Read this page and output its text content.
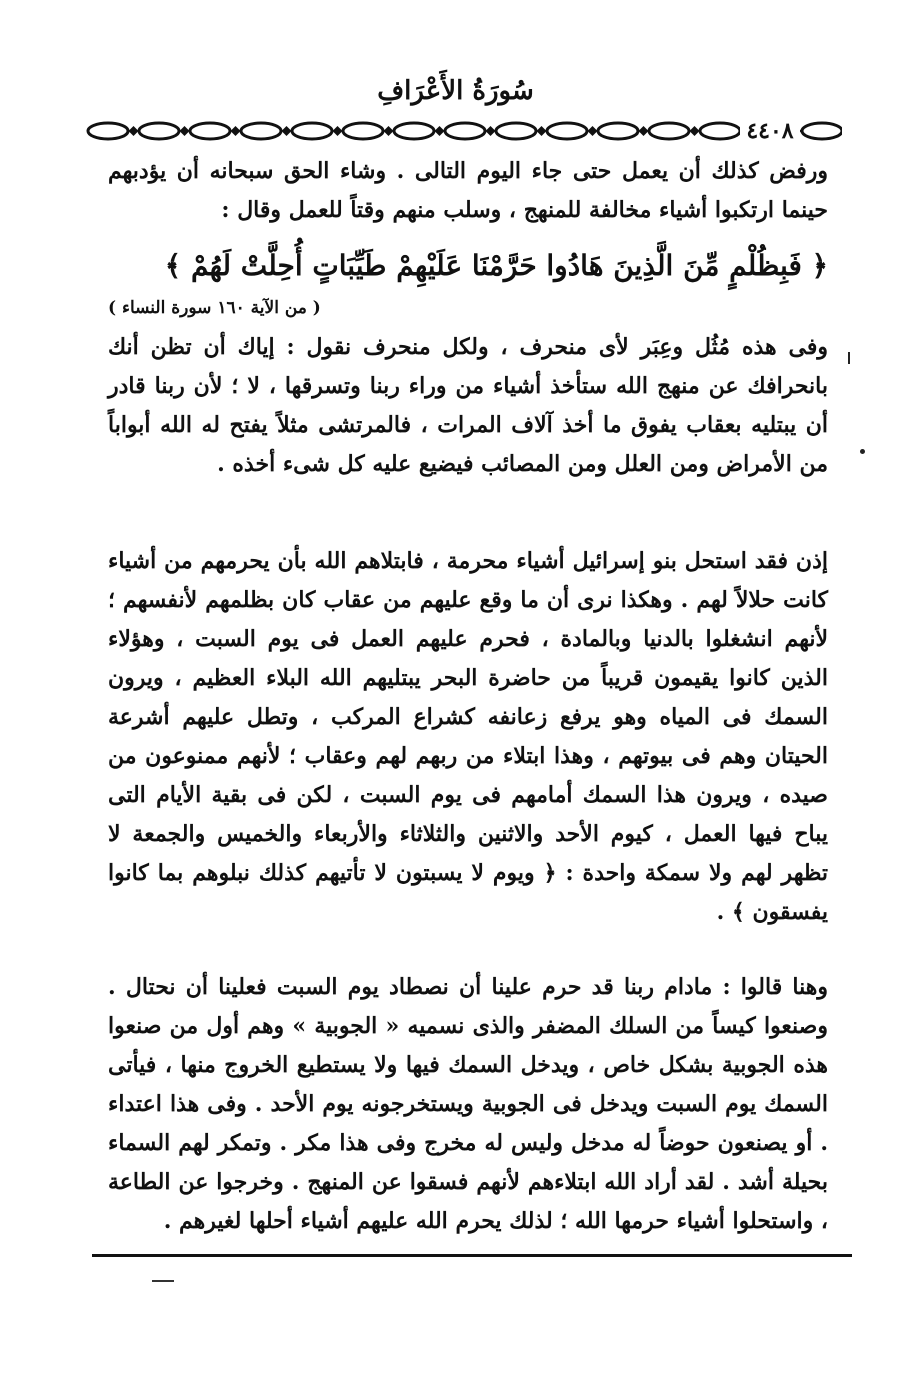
سُورَةُ الأَعْرَافِ
٤٤٠٨

ورفض كذلك أن يعمل حتى جاء اليوم التالى . وشاء الحق سبحانه أن يؤدبهم حينما ارتكبوا أشياء مخالفة للمنهج ، وسلب منهم وقتاً للعمل وقال :

﴿ فَبِظُلْمٍ مِّنَ الَّذِينَ هَادُوا حَرَّمْنَا عَلَيْهِمْ طَيِّبَاتٍ أُحِلَّتْ لَهُمْ ﴾

( من الآية ١٦٠ سورة النساء )

وفى هذه مُثُل وعِبَر لأى منحرف ، ولكل منحرف نقول : إياك أن تظن أنك بانحرافك عن منهج الله ستأخذ أشياء من وراء ربنا وتسرقها ، لا ؛ لأن ربنا قادر أن يبتليه بعقاب يفوق ما أخذ آلاف المرات ، فالمرتشى مثلاً يفتح له الله أبواباً من الأمراض ومن العلل ومن المصائب فيضيع عليه كل شىء أخذه .

إذن فقد استحل بنو إسرائيل أشياء محرمة ، فابتلاهم الله بأن يحرمهم من أشياء كانت حلالاً لهم . وهكذا نرى أن ما وقع عليهم من عقاب كان بظلمهم لأنفسهم ؛ لأنهم انشغلوا بالدنيا وبالمادة ، فحرم عليهم العمل فى يوم السبت ، وهؤلاء الذين كانوا يقيمون قريباً من حاضرة البحر يبتليهم الله البلاء العظيم ، ويرون السمك فى المياه وهو يرفع زعانفه كشراع المركب ، وتطل عليهم أشرعة الحيتان وهم فى بيوتهم ، وهذا ابتلاء من ربهم لهم وعقاب ؛ لأنهم ممنوعون من صيده ، ويرون هذا السمك أمامهم فى يوم السبت ، لكن فى بقية الأيام التى يباح فيها العمل ، كيوم الأحد والاثنين والثلاثاء والأربعاء والخميس والجمعة لا تظهر لهم ولا سمكة واحدة : ﴿ ويوم لا يسبتون لا تأتيهم كذلك نبلوهم بما كانوا يفسقون ﴾ .

وهنا قالوا : مادام ربنا قد حرم علينا أن نصطاد يوم السبت فعلينا أن نحتال . وصنعوا كيساً من السلك المضفر والذى نسميه « الجوبية » وهم أول من صنعوا هذه الجوبية بشكل خاص ، ويدخل السمك فيها ولا يستطيع الخروج منها ، فيأتى السمك يوم السبت ويدخل فى الجوبية ويستخرجونه يوم الأحد . وفى هذا اعتداء . أو يصنعون حوضاً له مدخل وليس له مخرج وفى هذا مكر . وتمكر لهم السماء بحيلة أشد . لقد أراد الله ابتلاءهم لأنهم فسقوا عن المنهج . وخرجوا عن الطاعة ، واستحلوا أشياء حرمها الله ؛ لذلك يحرم الله عليهم أشياء أحلها لغيرهم .
